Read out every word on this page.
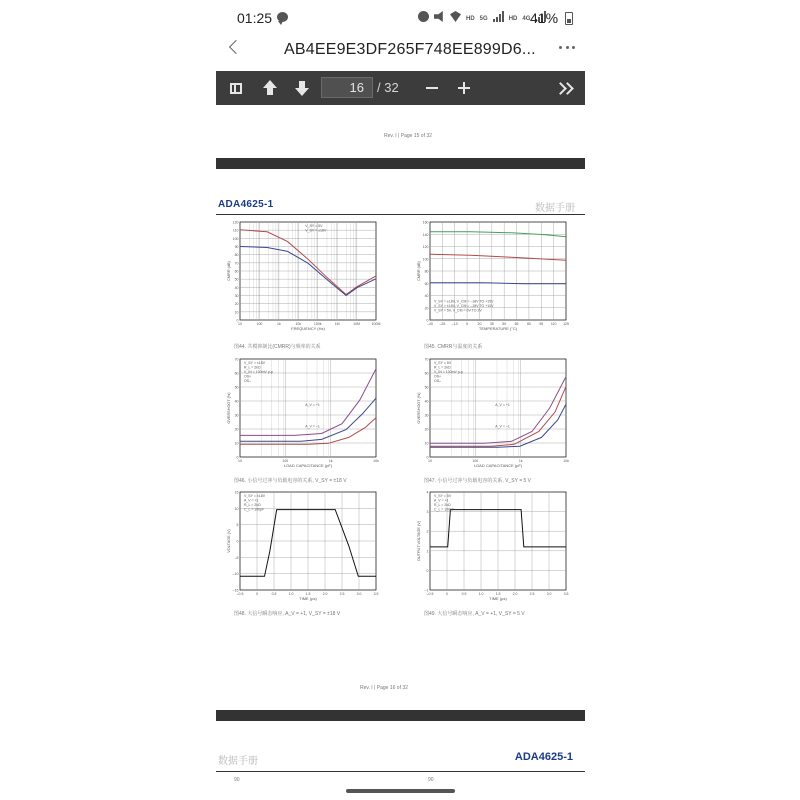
01:25	HD 5G	HD 4G 41%
AB4EE9E3DF265F748EE899D6...
16
/ 32
Rev. I | Page 15 of 32
ADA4625-1	数据手册
120
110
100
90
80
70
60
50
40
30
20
10
0
10	100	1k	10k	100k	1M	10M	100M
CMRR (dB)
FREQUENCY (Hz)
V_SY = 5V
V_SY = ±18V
图44. 共模抑制比(CMRR)与频率的关系
160
140
120
100
80
60
40
20
0
–40 –25 –10 5	20 35 50 65 80 95 110 125
CMRR (dB)
TEMPERATURE (°C)
V_SY = ±18V, V_CM = –18V TO +15V
V_SY = ±18V, V_CM = –18V TO +10V
V_SY = 5V, V_CM = 0V TO 2V
图45. CMRR与温度的关系
70
60
50
40
30
20
10
0
10	100	1k	10k
OVERSHOOT (%)
LOAD CAPACITANCE (pF)
V_SY = ±18V
R_L = 2kΩ
V_IN = 100mV p-p
OS+
OS–
A_V = +1
A_V = –1
图46. 小信号过冲与负载电容的关系, V_SY = ±18 V
70
60
50
40
30
20
10
0
10	100	1k	10k
OVERSHOOT (%)
LOAD CAPACITANCE (pF)
V_SY = 5V
R_L = 2kΩ
V_IN = 100mV p-p
OS+
OS–
A_V = +1
A_V = –1
图47. 小信号过冲与负载电容的关系, V_SY = 5 V
15
10
5
0
–5
–10
–15
–0.5	0	0.5	1.0	1.5	2.0	2.5	3.0	3.5
VOLTAGE (V)
TIME (µs)
V_SY = ±18V
A_V = +1
R_L = 2kΩ
C_L = 100pF
图48. 大信号瞬态响应, A_V = +1, V_SY = ±18 V
4
3
2
1
0
–1
–0.5	0	0.5	1.0	1.5	2.0	2.5	3.0	3.5
OUTPUT VOLTAGE (V)
TIME (µs)
V_SY = 5V
A_V = +1
R_L = 2kΩ
C_L = 100pF
图49. 大信号瞬态响应, A_V = +1, V_SY = 5 V
Rev. I | Page 16 of 32
数据手册	ADA4625-1
90	90
